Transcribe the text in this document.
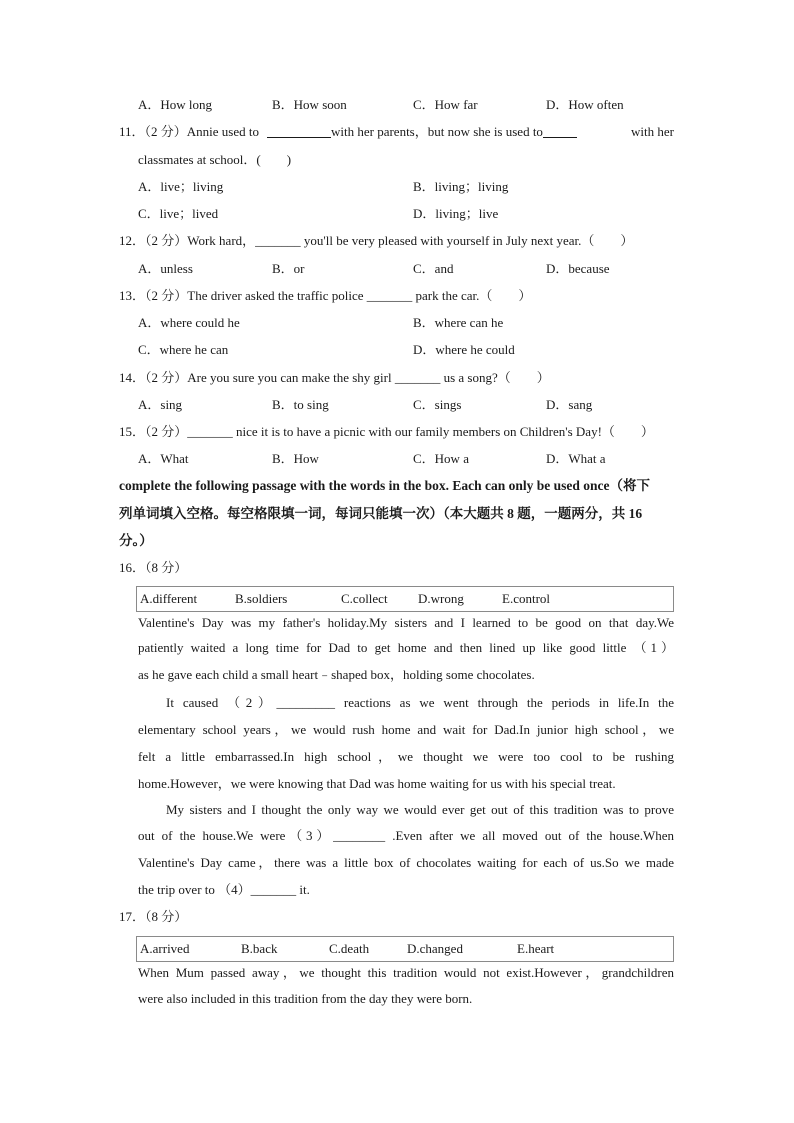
A．How long	B．How soon	C．How far	D．How often
11．（2 分）Annie used to	with her parents，but now she is used to	with her
classmates at school．(　　)
A．live；living	B．living；living
C．live；lived	D．living；live
12．（2 分）Work hard，_______ you'll be very pleased with yourself in July next year.（　　）
A．unless	B．or	C．and	D．because
13．（2 分）The driver asked the traffic police _______ park the car.（　　）
A．where could he	B．where can he
C．where he can	D．where he could
14．（2 分）Are you sure you can make the shy girl _______ us a song?（　　）
A．sing	B．to sing	C．sings	D．sang
15．（2 分）_______ nice it is to have a picnic with our family members on Children's Day!（　　）
A．What	B．How	C．How a	D．What a
complete the following passage with the words in the box. Each can only be used once（将下
列单词填入空格。每空格限填一词，每词只能填一次）（本大题共 8 题，一题两分，共 16
分。）
16．（8 分）
A.different	B.soldiers	C.collect D.wrong	E.control
Valentine's Day was my father's holiday.My sisters and I learned to be good on that day.We
patiently waited a long time for Dad to get home and then lined up like good little （1）
as he gave each child a small heart﹣shaped box，holding some chocolates.
It caused （2）_________ reactions as we went through the periods in life.In the
elementary school years，we would rush home and wait for Dad.In junior high school，we
felt a little embarrassed.In high school，we thought we were too cool to be rushing
home.However，we were knowing that Dad was home waiting for us with his special treat.
My sisters and I thought the only way we would ever get out of this tradition was to prove
out of the house.We were（3）________ .Even after we all moved out of the house.When
Valentine's Day came，there was a little box of chocolates waiting for each of us.So we made
the trip over to （4）_______ it.
17．（8 分）
A.arrived	B.back	C.death	D.changed	E.heart
When Mum passed away，we thought this tradition would not exist.However，grandchildren
were also included in this tradition from the day they were born.
